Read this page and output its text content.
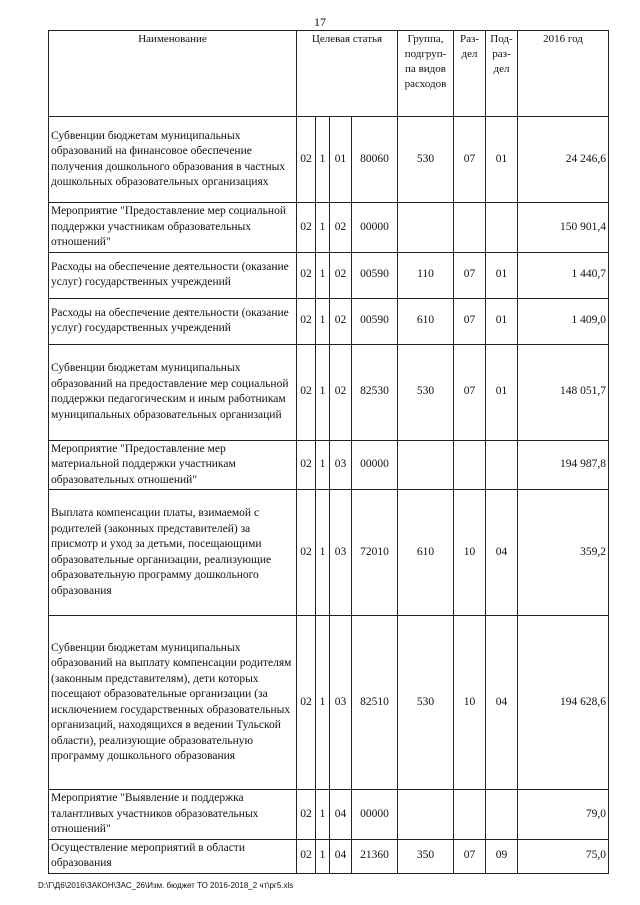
17
Наименование	Целевая статья				Группа, подгруп-па видов расходов	Раз-дел	Под-раз-дел	2016 год
Субвенции бюджетам муниципальных образований на финансовое обеспечение получения дошкольного образования в частных дошкольных образовательных организациях	02	1	01	80060	530	07	01	24 246,6
Мероприятие "Предоставление мер социальной поддержки участникам образовательных отношений"	02	1	02	00000				150 901,4
Расходы на обеспечение деятельности (оказание услуг) государственных учреждений	02	1	02	00590	110	07	01	1 440,7
Расходы на обеспечение деятельности (оказание услуг) государственных учреждений	02	1	02	00590	610	07	01	1 409,0
Субвенции бюджетам муниципальных образований на предоставление мер социальной поддержки педагогическим и иным работникам муниципальных образовательных организаций	02	1	02	82530	530	07	01	148 051,7
Мероприятие "Предоставление мер материальной поддержки участникам образовательных отношений"	02	1	03	00000				194 987,8
Выплата компенсации платы, взимаемой с родителей (законных представителей) за присмотр и уход за детьми, посещающими образовательные организации, реализующие образовательную программу дошкольного образования	02	1	03	72010	610	10	04	359,2
Субвенции бюджетам муниципальных образований на выплату компенсации родителям (законным представителям), дети которых посещают образовательные организации (за исключением государственных образовательных организаций, находящихся в ведении Тульской области), реализующие образовательную программу дошкольного образования	02	1	03	82510	530	10	04	194 628,6
Мероприятие "Выявление и поддержка талантливых участников образовательных отношений"	02	1	04	00000				79,0
Осуществление мероприятий в области образования	02	1	04	21360	350	07	09	75,0
D:\Г\Д6\2016\ЗАКОН\ЗАС_26\Изм. бюджет ТО 2016-2018_2 чт\рг5.xls
